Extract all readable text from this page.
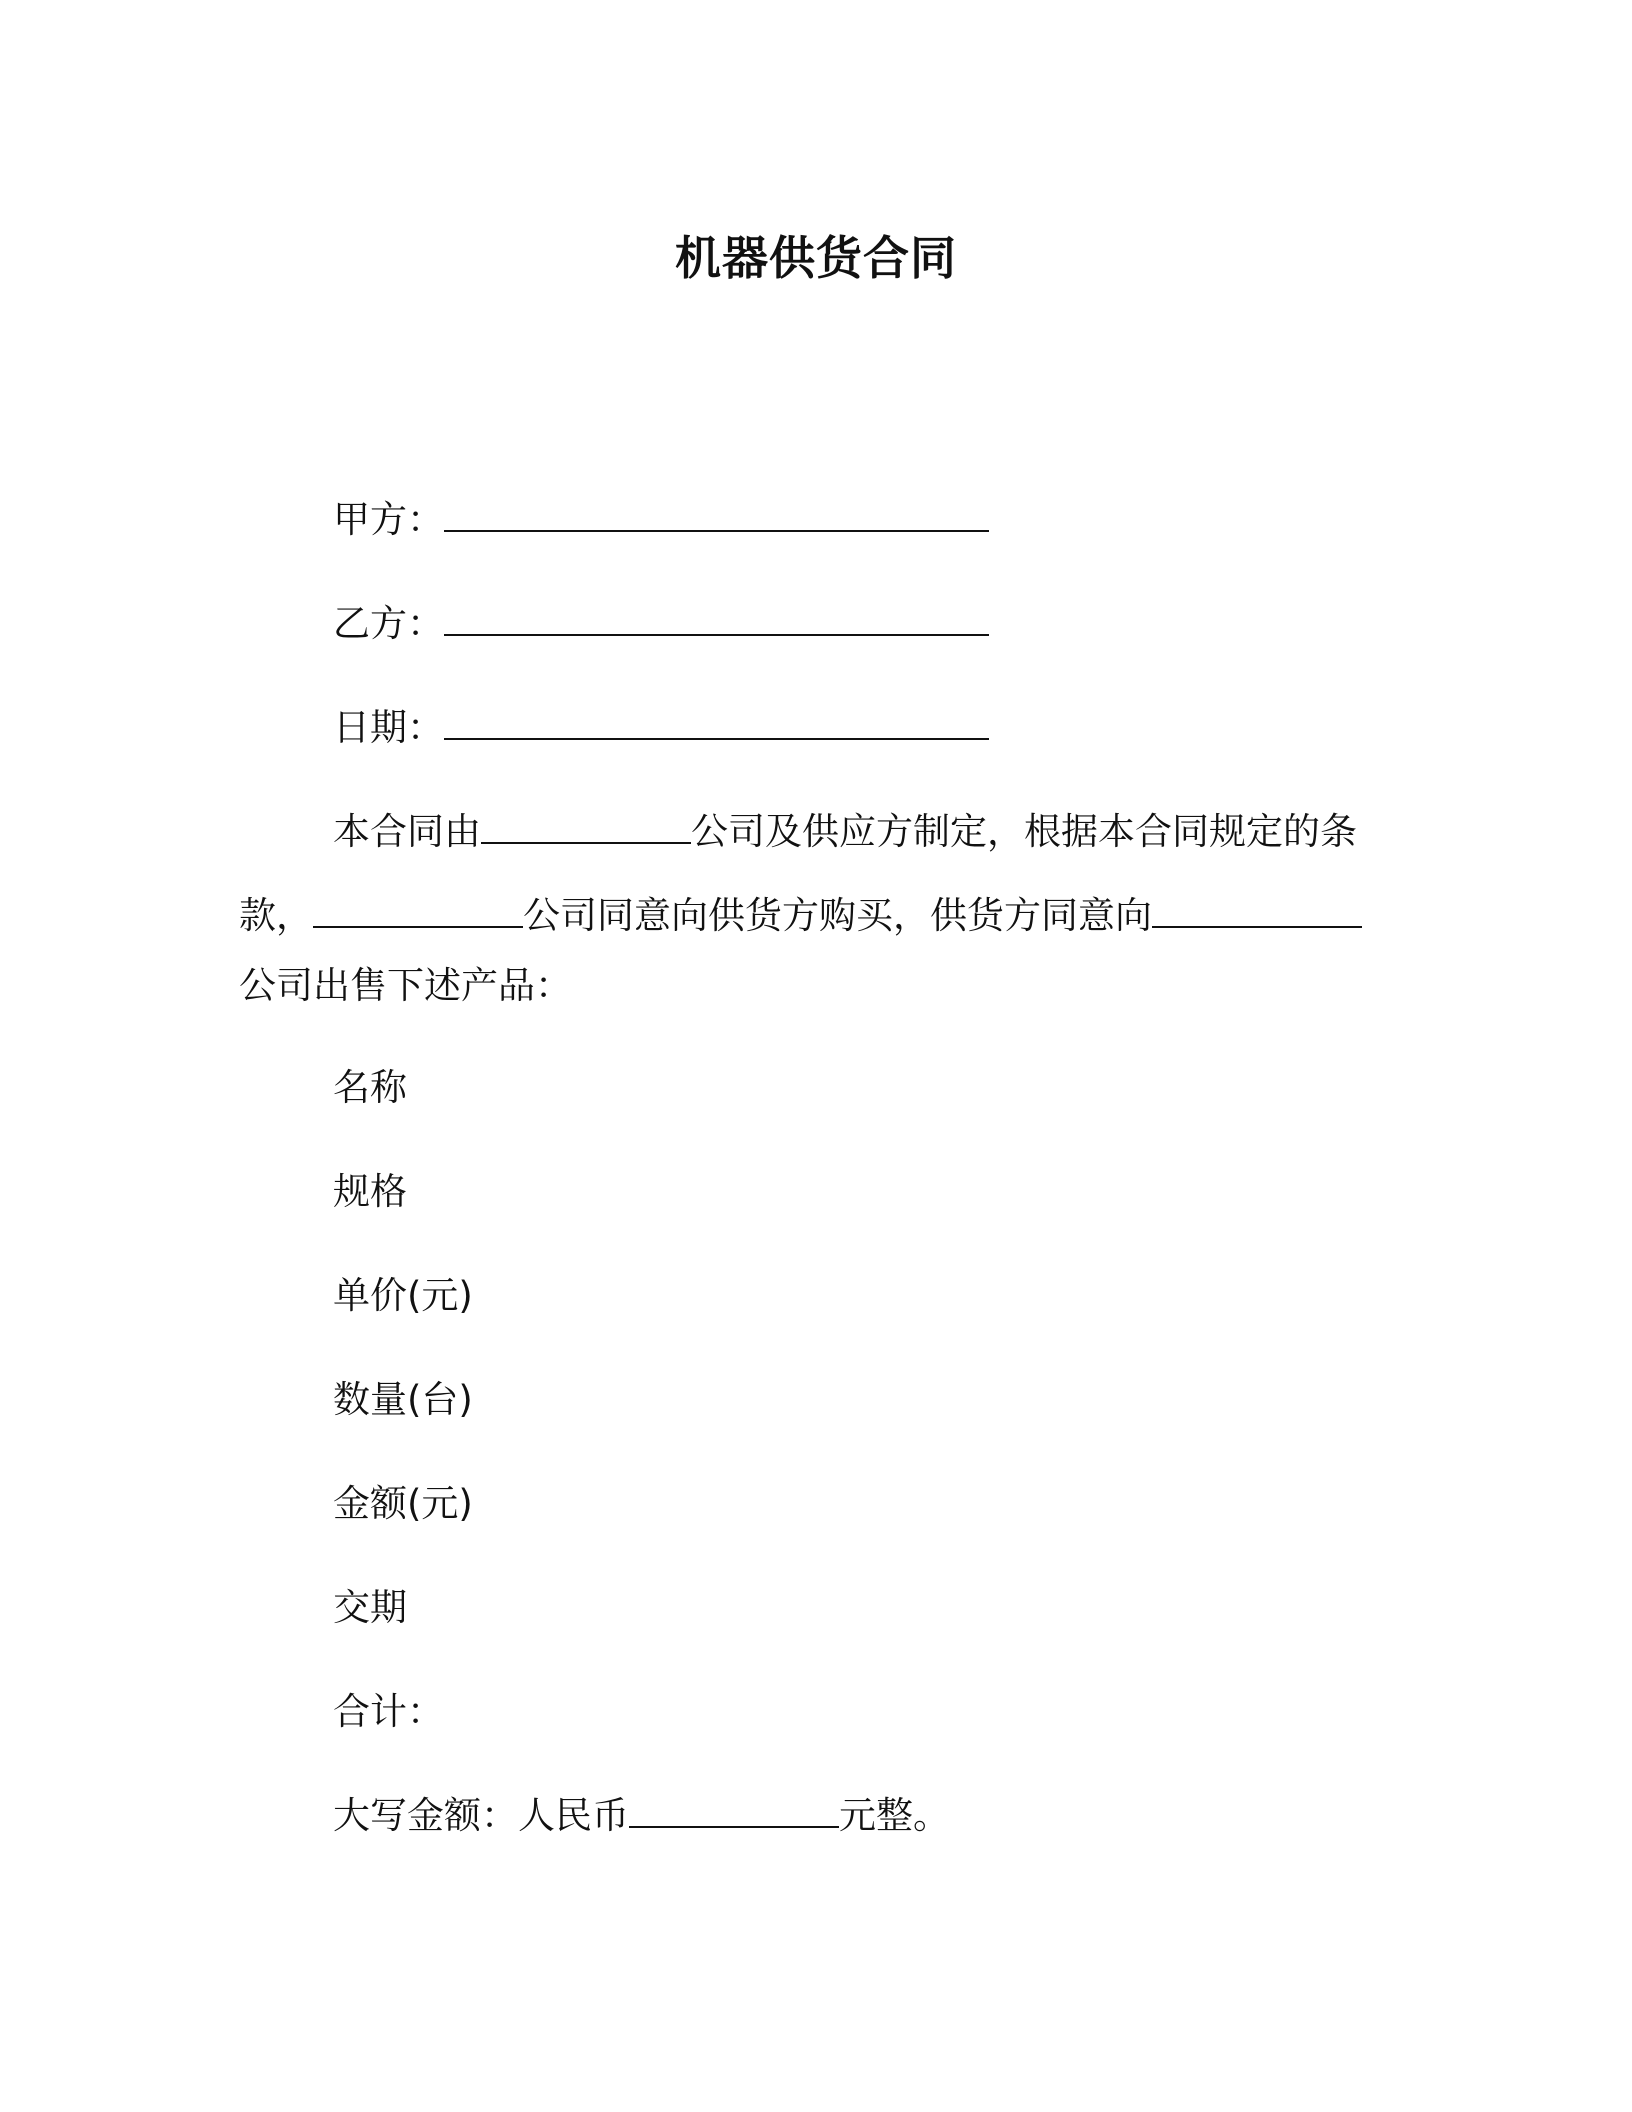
机器供货合同
甲方：
乙方：
日期：
本合同由	公司及供应方制定，根据本合同规定的条
款，	公司同意向供货方购买，供货方同意向
公司出售下述产品：
名称
规格
单价(元)
数量(台)
金额(元)
交期
合计：
大写金额：人民币	元整。
